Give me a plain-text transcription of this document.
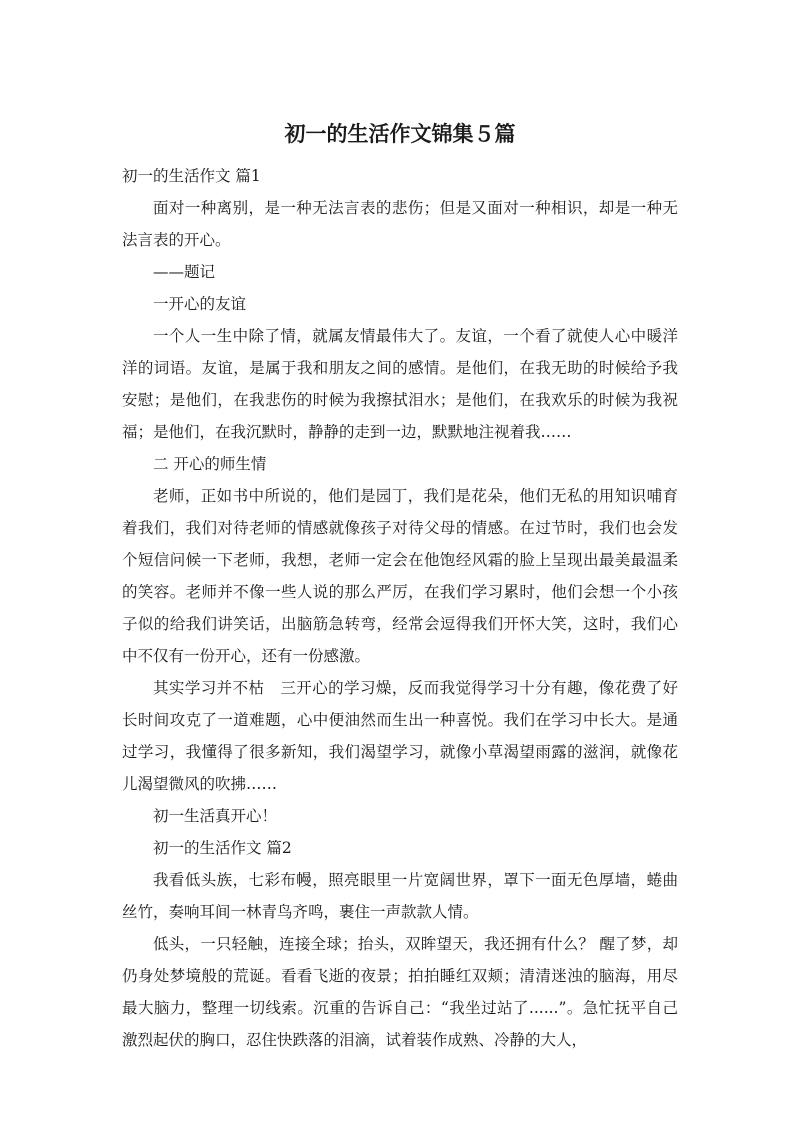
初一的生活作文锦集５篇

初一的生活作文 篇1

面对一种离别，是一种无法言表的悲伤；但是又面对一种相识，却是一种无法言表的开心。

——题记

一开心的友谊

一个人一生中除了情，就属友情最伟大了。友谊，一个看了就使人心中暖洋洋的词语。友谊，是属于我和朋友之间的感情。是他们，在我无助的时候给予我安慰；是他们，在我悲伤的时候为我擦拭泪水；是他们，在我欢乐的时候为我祝福；是他们，在我沉默时，静静的走到一边，默默地注视着我……

二 开心的师生情

老师，正如书中所说的，他们是园丁，我们是花朵，他们无私的用知识哺育着我们，我们对待老师的情感就像孩子对待父母的情感。在过节时，我们也会发个短信问候一下老师，我想，老师一定会在他饱经风霜的脸上呈现出最美最温柔的笑容。老师并不像一些人说的那么严厉，在我们学习累时，他们会想一个小孩子似的给我们讲笑话，出脑筋急转弯，经常会逗得我们开怀大笑，这时，我们心中不仅有一份开心，还有一份感激。

其实学习并不枯　三开心的学习燥，反而我觉得学习十分有趣，像花费了好长时间攻克了一道难题，心中便油然而生出一种喜悦。我们在学习中长大。是通过学习，我懂得了很多新知，我们渴望学习，就像小草渴望雨露的滋润，就像花儿渴望微风的吹拂……

初一生活真开心！

初一的生活作文 篇2

我看低头族，七彩布幔，照亮眼里一片宽阔世界，罩下一面无色厚墙，蜷曲丝竹，奏响耳间一林青鸟齐鸣，裹住一声款款人情。

低头，一只轻触，连接全球；抬头，双眸望天，我还拥有什么？ 醒了梦，却仍身处梦境般的荒诞。看看飞逝的夜景；拍拍睡红双颊；清清迷浊的脑海，用尽最大脑力，整理一切线索。沉重的告诉自己：“我坐过站了......”。急忙抚平自己激烈起伏的胸口，忍住快跌落的泪滴，试着装作成熟、冷静的大人，
